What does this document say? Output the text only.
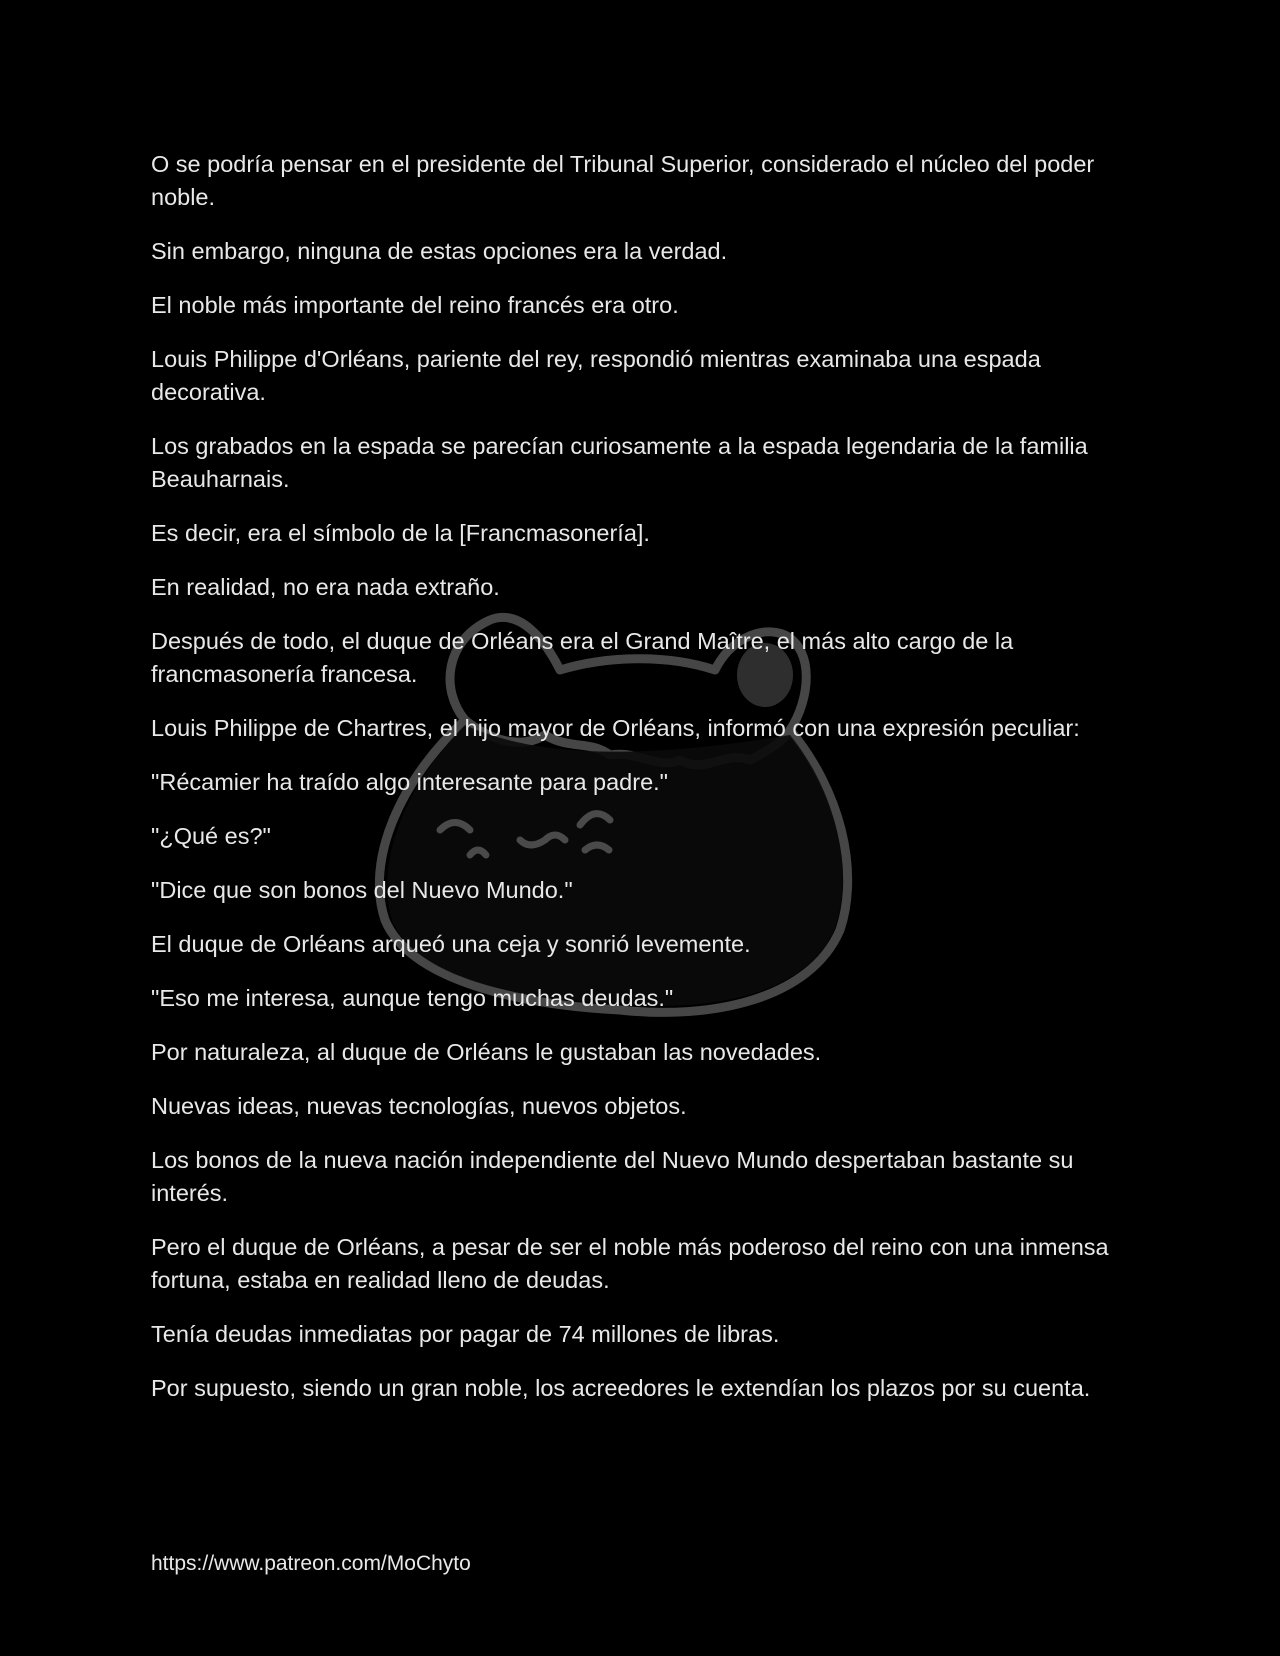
O se podría pensar en el presidente del Tribunal Superior, considerado el núcleo del poder noble.

Sin embargo, ninguna de estas opciones era la verdad.

El noble más importante del reino francés era otro.

Louis Philippe d'Orléans, pariente del rey, respondió mientras examinaba una espada decorativa.

Los grabados en la espada se parecían curiosamente a la espada legendaria de la familia Beauharnais.

Es decir, era el símbolo de la [Francmasonería].

En realidad, no era nada extraño.

Después de todo, el duque de Orléans era el Grand Maître, el más alto cargo de la francmasonería francesa.

Louis Philippe de Chartres, el hijo mayor de Orléans, informó con una expresión peculiar:

"Récamier ha traído algo interesante para padre."

"¿Qué es?"

"Dice que son bonos del Nuevo Mundo."

El duque de Orléans arqueó una ceja y sonrió levemente.

"Eso me interesa, aunque tengo muchas deudas."

Por naturaleza, al duque de Orléans le gustaban las novedades.

Nuevas ideas, nuevas tecnologías, nuevos objetos.

Los bonos de la nueva nación independiente del Nuevo Mundo despertaban bastante su interés.

Pero el duque de Orléans, a pesar de ser el noble más poderoso del reino con una inmensa fortuna, estaba en realidad lleno de deudas.

Tenía deudas inmediatas por pagar de 74 millones de libras.

Por supuesto, siendo un gran noble, los acreedores le extendían los plazos por su cuenta.

https://www.patreon.com/MoChyto
